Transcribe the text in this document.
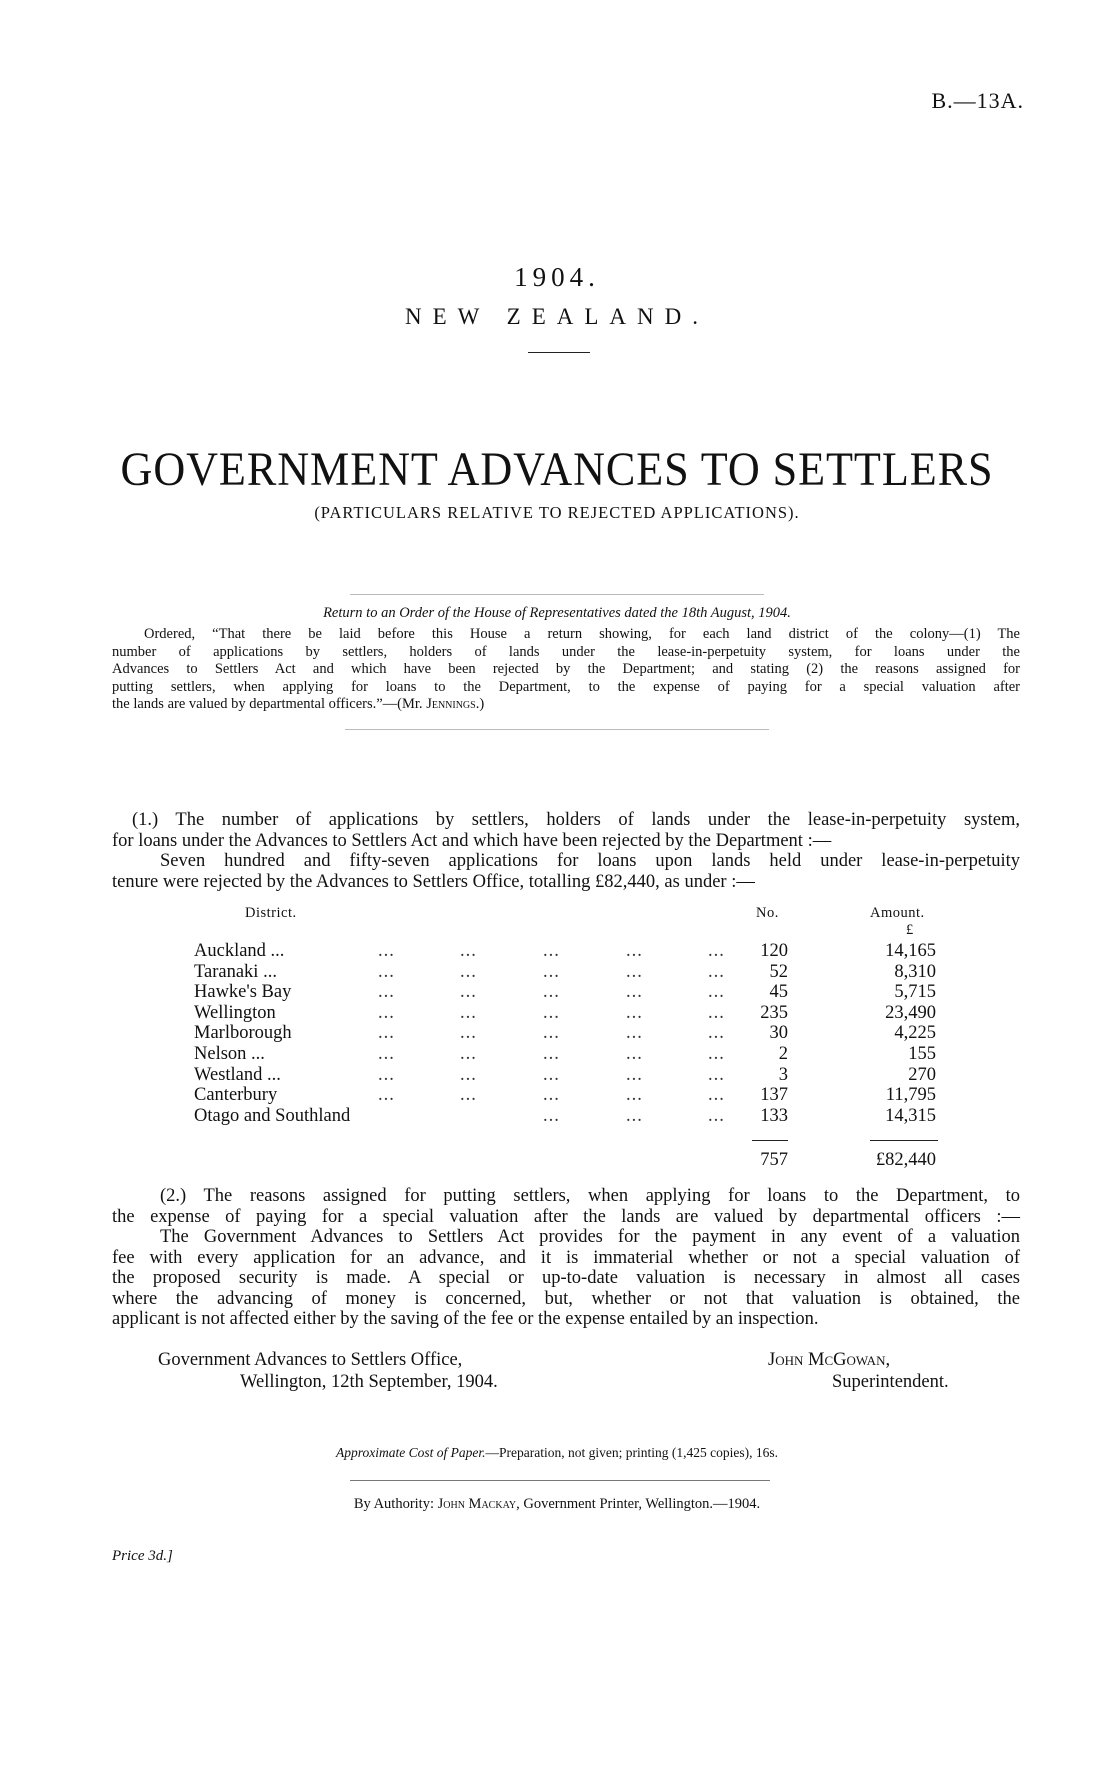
B.—13A.
1904.
NEW ZEALAND.
GOVERNMENT ADVANCES TO SETTLERS
(PARTICULARS RELATIVE TO REJECTED APPLICATIONS).
Return to an Order of the House of Representatives dated the 18th August, 1904.
Ordered, “That there be laid before this House a return showing, for each land district of the colony—(1) The
number of applications by settlers, holders of lands under the lease-in-perpetuity system, for loans under the
Advances to Settlers Act and which have been rejected by the Department; and stating (2) the reasons assigned for
putting settlers, when applying for loans to the Department, to the expense of paying for a special valuation after
the lands are valued by departmental officers.”—(Mr. Jennings.)
(1.) The number of applications by settlers, holders of lands under the lease-in-perpetuity system,
for loans under the Advances to Settlers Act and which have been rejected by the Department :—
Seven hundred and fifty-seven applications for loans upon lands held under lease-in-perpetuity
tenure were rejected by the Advances to Settlers Office, totalling £82,440, as under :—
District.	No.	Amount.
£
Auckland ...	...	...	...	...	...	120	14,165
Taranaki ...	...	...	...	...	...	52	8,310
Hawke's Bay	...	...	...	...	...	45	5,715
Wellington	...	...	...	...	...	235	23,490
Marlborough	...	...	...	...	...	30	4,225
Nelson ...	...	...	...	...	...	2	155
Westland ...	...	...	...	...	...	3	270
Canterbury	...	...	...	...	...	137	11,795
Otago and Southland	...	...	...	133	14,315
757	£82,440
(2.) The reasons assigned for putting settlers, when applying for loans to the Department, to
the expense of paying for a special valuation after the lands are valued by departmental officers :—
The Government Advances to Settlers Act provides for the payment in any event of a valuation
fee with every application for an advance, and it is immaterial whether or not a special valuation of
the proposed security is made. A special or up-to-date valuation is necessary in almost all cases
where the advancing of money is concerned, but, whether or not that valuation is obtained, the
applicant is not affected either by the saving of the fee or the expense entailed by an inspection.
Government Advances to Settlers Office,
Wellington, 12th September, 1904.
John McGowan,
Superintendent.
Approximate Cost of Paper.—Preparation, not given; printing (1,425 copies), 16s.
By Authority: John Mackay, Government Printer, Wellington.—1904.
Price 3d.]
